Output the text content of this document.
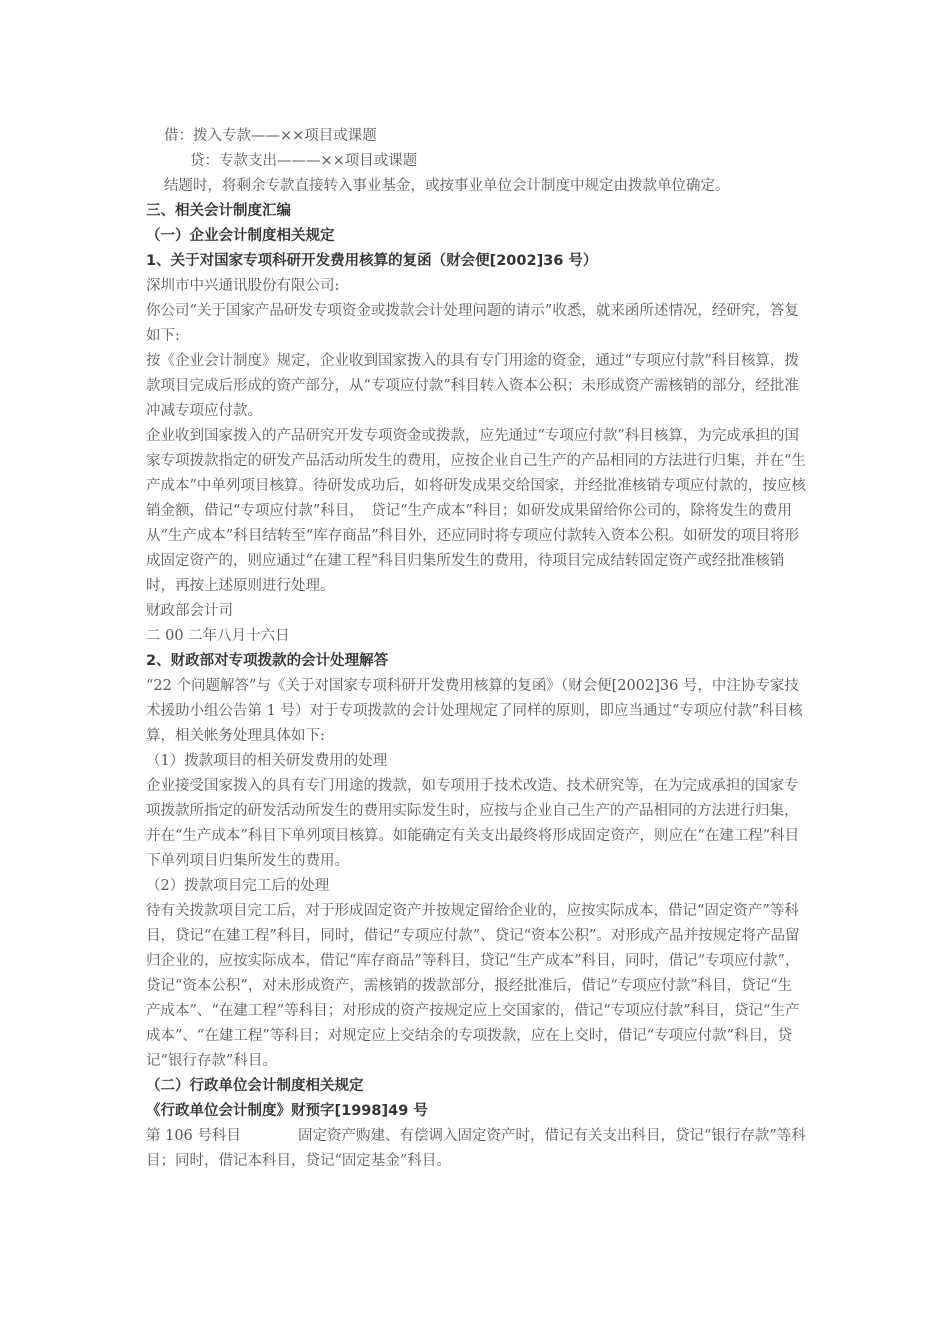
借：拨入专款——××项目或课题

贷：专款支出———××项目或课题

结题时，将剩余专款直接转入事业基金，或按事业单位会计制度中规定由拨款单位确定。

三、相关会计制度汇编

（一）企业会计制度相关规定

1、关于对国家专项科研开发费用核算的复函（财会便[2002]36 号）

深圳市中兴通讯股份有限公司:

你公司“关于国家产品研发专项资金或拨款会计处理问题的请示”收悉，就来函所述情况，经研究，答复如下:

按《企业会计制度》规定，企业收到国家拨入的具有专门用途的资金，通过“专项应付款”科目核算，拨款项目完成后形成的资产部分，从“专项应付款”科目转入资本公积；未形成资产需核销的部分，经批准冲减专项应付款。

企业收到国家拨入的产品研究开发专项资金或拨款，应先通过“专项应付款”科目核算，为完成承担的国家专项拨款指定的研发产品活动所发生的费用，应按企业自己生产的产品相同的方法进行归集，并在“生产成本”中单列项目核算。待研发成功后，如将研发成果交给国家，并经批准核销专项应付款的，按应核销金额，借记“专项应付款”科目，　贷记“生产成本”科目；如研发成果留给你公司的，除将发生的费用从“生产成本”科目结转至“库存商品”科目外，还应同时将专项应付款转入资本公积。如研发的项目将形成固定资产的，则应通过“在建工程”科目归集所发生的费用，待项目完成结转固定资产或经批准核销时，再按上述原则进行处理。

财政部会计司

二 00 二年八月十六日

2、财政部对专项拨款的会计处理解答

“22 个问题解答”与《关于对国家专项科研开发费用核算的复函》（财会便[2002]36 号，中注协专家技术援助小组公告第 1 号）对于专项拨款的会计处理规定了同样的原则，即应当通过“专项应付款”科目核算，相关帐务处理具体如下:

（1）拨款项目的相关研发费用的处理

企业接受国家拨入的具有专门用途的拨款，如专项用于技术改造、技术研究等，在为完成承担的国家专项拨款所指定的研发活动所发生的费用实际发生时，应按与企业自己生产的产品相同的方法进行归集，并在“生产成本”科目下单列项目核算。如能确定有关支出最终将形成固定资产，则应在“在建工程”科目下单列项目归集所发生的费用。

（2）拨款项目完工后的处理

待有关拨款项目完工后，对于形成固定资产并按规定留给企业的，应按实际成本，借记“固定资产”等科目，贷记“在建工程”科目，同时，借记“专项应付款”、贷记“资本公积”。对形成产品并按规定将产品留归企业的，应按实际成本，借记“库存商品”等科目，贷记“生产成本”科目，同时，借记“专项应付款”，贷记“资本公积”，对未形成资产，需核销的拨款部分，报经批准后，借记“专项应付款”科目，贷记“生产成本”、“在建工程”等科目；对形成的资产按规定应上交国家的，借记“专项应付款”科目，贷记“生产成本”、“在建工程”等科目；对规定应上交结余的专项拨款，应在上交时，借记“专项应付款”科目，贷记“银行存款”科目。

（二）行政单位会计制度相关规定

《行政单位会计制度》财预字[1998]49 号

第 106 号科目	固定资产购建、有偿调入固定资产时，借记有关支出科目，贷记“银行存款”等科目；同时，借记本科目，贷记“固定基金”科目。
